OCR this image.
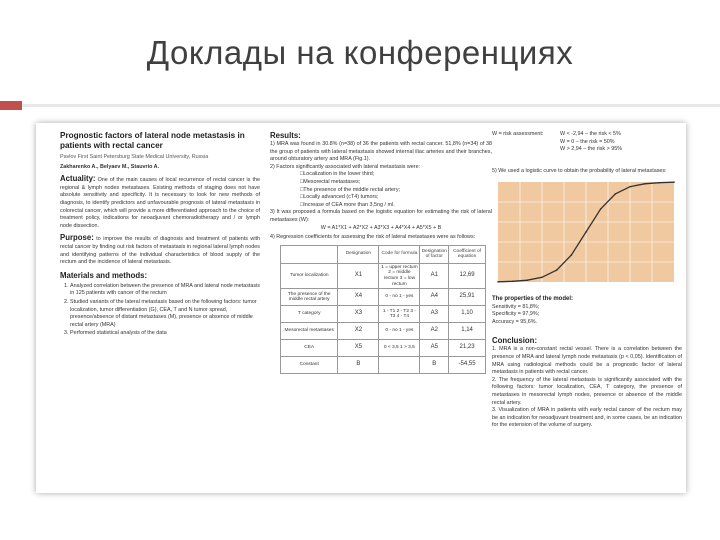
Доклады на конференциях
Prognostic factors of lateral node metastasis in patients with rectal cancer
Pavlov First Saint Petersburg State Medical University, Russia
Zakharenko A., Belyaev M., Stauvrio A.
Actuality: One of the main causes of local recurrence of rectal cancer is the regional & lymph nodes metastases. Existing methods of staging does not have absolute sensitivity and specificity. It is necessary to look for new methods of diagnosis, to identify predictors and unfavourable prognosis of lateral metastasis in colorectal cancer, which will provide a more differentiated approach to the choice of treatment policy, indications for neoadjuvant chemoradiotherapy and / or lymph node dissection.
Purpose: to improve the results of diagnosis and treatment of patients with rectal cancer by finding out risk factors of metastasis in regional lateral lymph nodes and identifying patterns of the individual characteristics of blood supply of the rectum and the incidence of lateral metastasis.
Materials and methods:
1. Analyzed correlation between the presence of MRA and lateral node metastasis in 125 patients with cancer of the rectum
2. Studied variants of the lateral metastasis based on the following factors: tumor localization, tumor differentiation (G), CEA, T and N tumor spread, presence/absence of distant metastases (M), presence or absence of middle rectal artery (MRA)
3. Performed statistical analysis of the data
Results:
1) MRA was found in 30.8% (n=38) of 36 the patients with rectal cancer. 51,8% (n=34) of 38 the group of patients with lateral metastasis showed internal iliac arteries and their branches, around obturatory artery and MRA (Fig.1).
2) Factors significantly associated with lateral metastasis were:
□ Localization in the lower third;
□ Mesorectal metastases;
□ The presence of the middle rectal artery;
□ Locally advanced (cT4) tumors;
□ Increase of CEA more than 3,5ng / ml.
3) It was proposed a formula based on the logistic equation for estimating the risk of lateral metastases (W):
W = A1*X1 + A2*X2 + A3*X3 + A4*X4 + A5*X5 + B
4) Regression coefficients for assessing the risk of lateral metastases were as follows:
	Designation	Code for formula	Designation of factor	Coefficient of equation
Tumor localization	X1	1 = upper rectum 2 = middle rectum 3 = low rectum	A1	12,69
The presence of the middle rectal artery	X4	0 - no 1 - yes	A4	25,91
T category	X3	1 - T1 2 - T2 3 - T3 4 - T4	A3	1,10
Mesorectal metastases	X2	0 - no 1 - yes	A2	1,14
CEA	X5	0 < 3,5 1 > 3,5	A5	21,23
Constant	B		B	-54,55
W = risk assessment:	W < -2,94 – the risk < 5%
W = 0 – the risk = 50%
W > 2,94 – the risk > 95%
5) We used a logistic curve to obtain the probability of lateral metastases:
The properties of the model:
Sensitivity = 81,8%;
Specificity = 97,9%;
Accuracy = 95,6%.
Conclusion:
1. MRA is a non-constant rectal vessel. There is a correlation between the presence of MRA and lateral lymph node metastasis (p < 0,05). Identification of MRA using radiological methods could be a prognostic factor of lateral metastasis in patients with rectal cancer.
2. The frequency of the lateral metastasis is significantly associated with the following factors: tumor localization, CEA, T category, the presence of metastases in mesorectal lymph nodes, presence or absence of the middle rectal artery.
3. Visualization of MRA in patients with early rectal cancer of the rectum may be an indication for neoadjuvant treatment and, in some cases, be an indication for the extension of the volume of surgery.
